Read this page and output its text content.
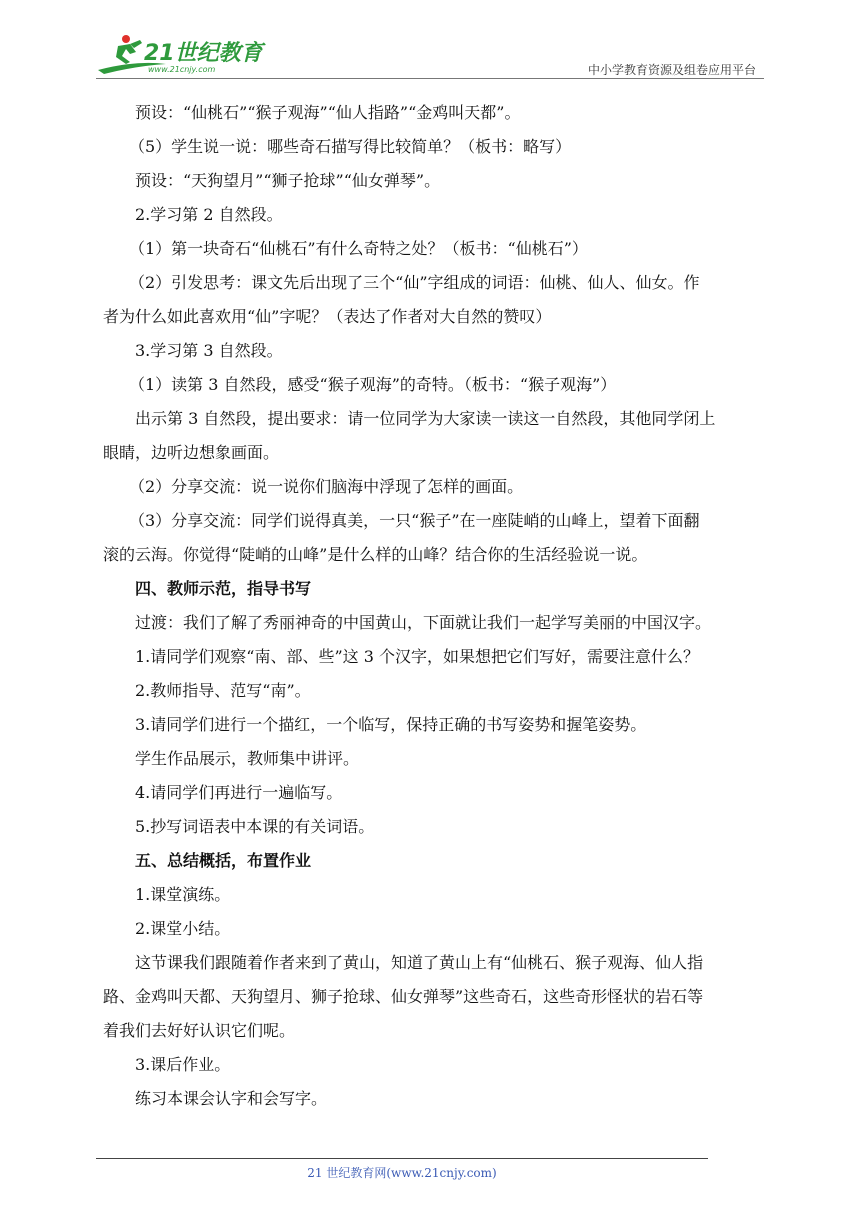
21世纪教育
www.21cnjy.com	中小学教育资源及组卷应用平台
预设：“仙桃石”“猴子观海”“仙人指路”“金鸡叫天都”。
（5）学生说一说：哪些奇石描写得比较简单？（板书：略写）
预设：“天狗望月”“狮子抢球”“仙女弹琴”。
2.学习第 2 自然段。
（1）第一块奇石“仙桃石”有什么奇特之处？（板书：“仙桃石”）
（2）引发思考：课文先后出现了三个“仙”字组成的词语：仙桃、仙人、仙女。作
者为什么如此喜欢用“仙”字呢？（表达了作者对大自然的赞叹）
3.学习第 3 自然段。
（1）读第 3 自然段，感受“猴子观海”的奇特。（板书：“猴子观海”）
出示第 3 自然段，提出要求：请一位同学为大家读一读这一自然段，其他同学闭上
眼睛，边听边想象画面。
（2）分享交流：说一说你们脑海中浮现了怎样的画面。
（3）分享交流：同学们说得真美，一只“猴子”在一座陡峭的山峰上，望着下面翻
滚的云海。你觉得“陡峭的山峰”是什么样的山峰？结合你的生活经验说一说。
四、教师示范，指导书写
过渡：我们了解了秀丽神奇的中国黄山，下面就让我们一起学写美丽的中国汉字。
1.请同学们观察“南、部、些”这 3 个汉字，如果想把它们写好，需要注意什么？
2.教师指导、范写“南”。
3.请同学们进行一个描红，一个临写，保持正确的书写姿势和握笔姿势。
学生作品展示，教师集中讲评。
4.请同学们再进行一遍临写。
5.抄写词语表中本课的有关词语。
五、总结概括，布置作业
1.课堂演练。
2.课堂小结。
这节课我们跟随着作者来到了黄山，知道了黄山上有“仙桃石、猴子观海、仙人指
路、金鸡叫天都、天狗望月、狮子抢球、仙女弹琴”这些奇石，这些奇形怪状的岩石等
着我们去好好认识它们呢。
3.课后作业。
练习本课会认字和会写字。
21 世纪教育网(www.21cnjy.com)
